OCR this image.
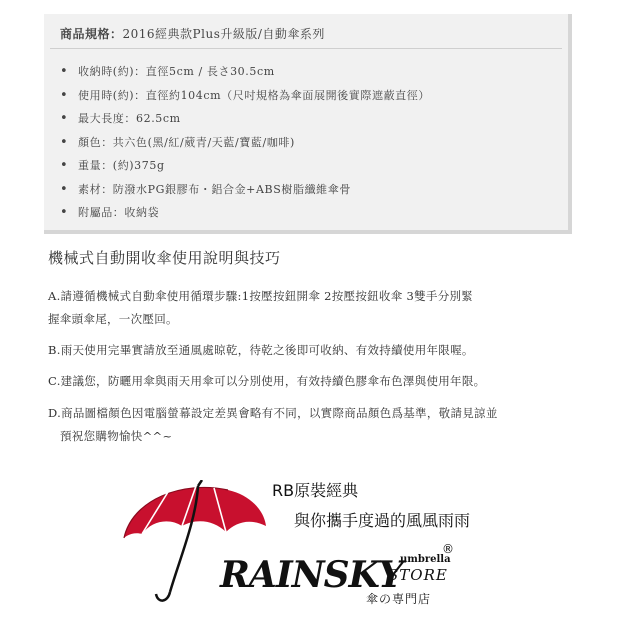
商品規格：2016經典款Plus升級版/自動傘系列
• 收納時(約)：直徑5cm / 長さ30.5cm
• 使用時(約)：直徑約104cm（尺吋規格為傘面展開後實際遮蔽直徑）
• 最大長度：62.5cm
• 顏色：共六色(黑/紅/葳青/天藍/寶藍/咖啡)
• 重量：(約)375g
• 素材：防潑水PG銀膠布・鋁合金+ABS樹脂纖維傘骨
• 附屬品：收納袋
機械式自動開收傘使用說明與技巧
A.請遵循機械式自動傘使用循環步驟:1按壓按鈕開傘 2按壓按鈕收傘 3雙手分別緊
握傘頭傘尾，一次壓回。
B.雨天使用完畢實請放至通風處晾乾，待乾之後即可收納、有效持續使用年限喔。
C.建議您，防曬用傘與雨天用傘可以分別使用，有效持續色膠傘布色澤與使用年限。
D.商品圖檔顏色因電腦螢幕設定差異會略有不同，以實際商品顏色爲基準，敬請見諒並
預祝您購物愉快^^~
RB原裝經典
與你攜手度過的風風雨雨
RAINSKY
umbrella
STORE
®
傘の専門店
